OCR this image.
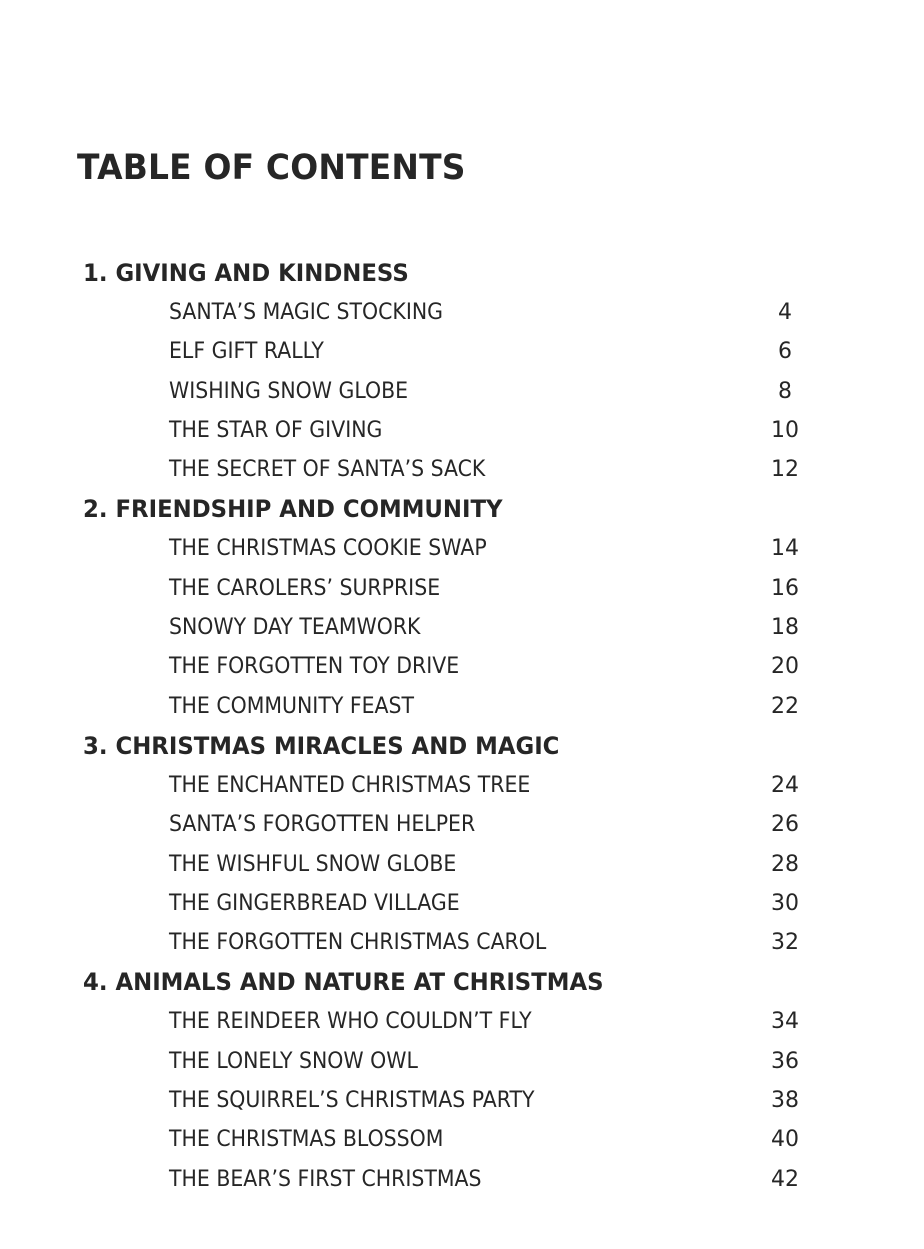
TABLE OF CONTENTS
1. GIVING AND KINDNESS
SANTA’S MAGIC STOCKING	4
ELF GIFT RALLY	6
WISHING SNOW GLOBE	8
THE STAR OF GIVING	10
THE SECRET OF SANTA’S SACK	12
2. FRIENDSHIP AND COMMUNITY
THE CHRISTMAS COOKIE SWAP	14
THE CAROLERS’ SURPRISE	16
SNOWY DAY TEAMWORK	18
THE FORGOTTEN TOY DRIVE	20
THE COMMUNITY FEAST	22
3. CHRISTMAS MIRACLES AND MAGIC
THE ENCHANTED CHRISTMAS TREE	24
SANTA’S FORGOTTEN HELPER	26
THE WISHFUL SNOW GLOBE	28
THE GINGERBREAD VILLAGE	30
THE FORGOTTEN CHRISTMAS CAROL	32
4. ANIMALS AND NATURE AT CHRISTMAS
THE REINDEER WHO COULDN’T FLY	34
THE LONELY SNOW OWL	36
THE SQUIRREL’S CHRISTMAS PARTY	38
THE CHRISTMAS BLOSSOM	40
THE BEAR’S FIRST CHRISTMAS	42
